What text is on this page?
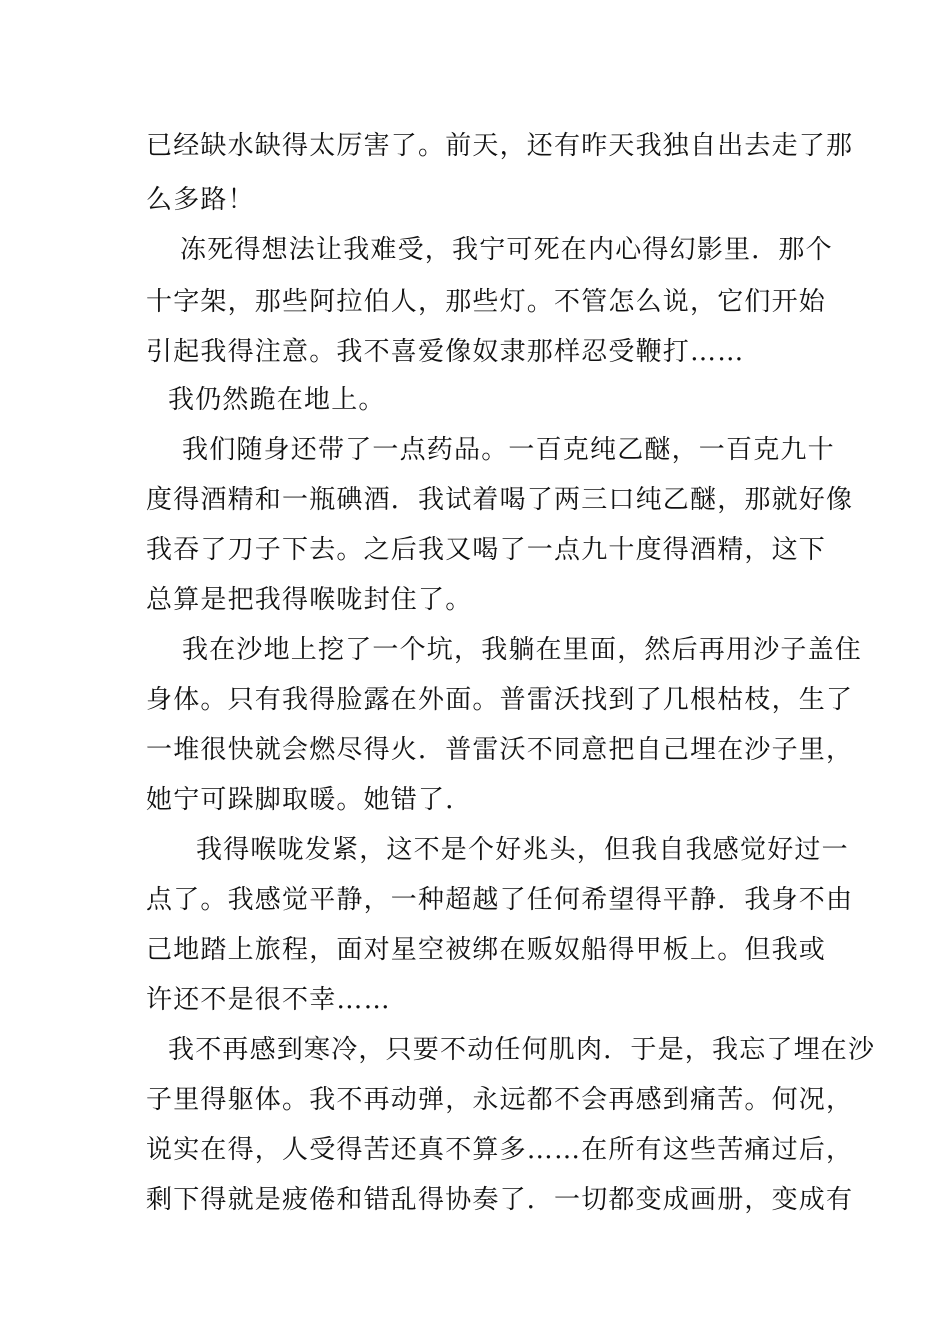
已经缺水缺得太厉害了。前天，还有昨天我独自出去走了那
么多路！
冻死得想法让我难受，我宁可死在内心得幻影里．那个
十字架，那些阿拉伯人，那些灯。不管怎么说，它们开始
引起我得注意。我不喜爱像奴隶那样忍受鞭打……
我仍然跪在地上。
我们随身还带了一点药品。一百克纯乙醚，一百克九十
度得酒精和一瓶碘酒．我试着喝了两三口纯乙醚，那就好像
我吞了刀子下去。之后我又喝了一点九十度得酒精，这下
总算是把我得喉咙封住了。
我在沙地上挖了一个坑，我躺在里面，然后再用沙子盖住
身体。只有我得脸露在外面。普雷沃找到了几根枯枝，生了
一堆很快就会燃尽得火．普雷沃不同意把自己埋在沙子里，
她宁可跺脚取暖。她错了．
我得喉咙发紧，这不是个好兆头，但我自我感觉好过一
点了。我感觉平静，一种超越了任何希望得平静．我身不由
己地踏上旅程，面对星空被绑在贩奴船得甲板上。但我或
许还不是很不幸……
我不再感到寒冷，只要不动任何肌肉．于是，我忘了埋在沙
子里得躯体。我不再动弹，永远都不会再感到痛苦。何况，
说实在得，人受得苦还真不算多……在所有这些苦痛过后，
剩下得就是疲倦和错乱得协奏了．一切都变成画册，变成有
